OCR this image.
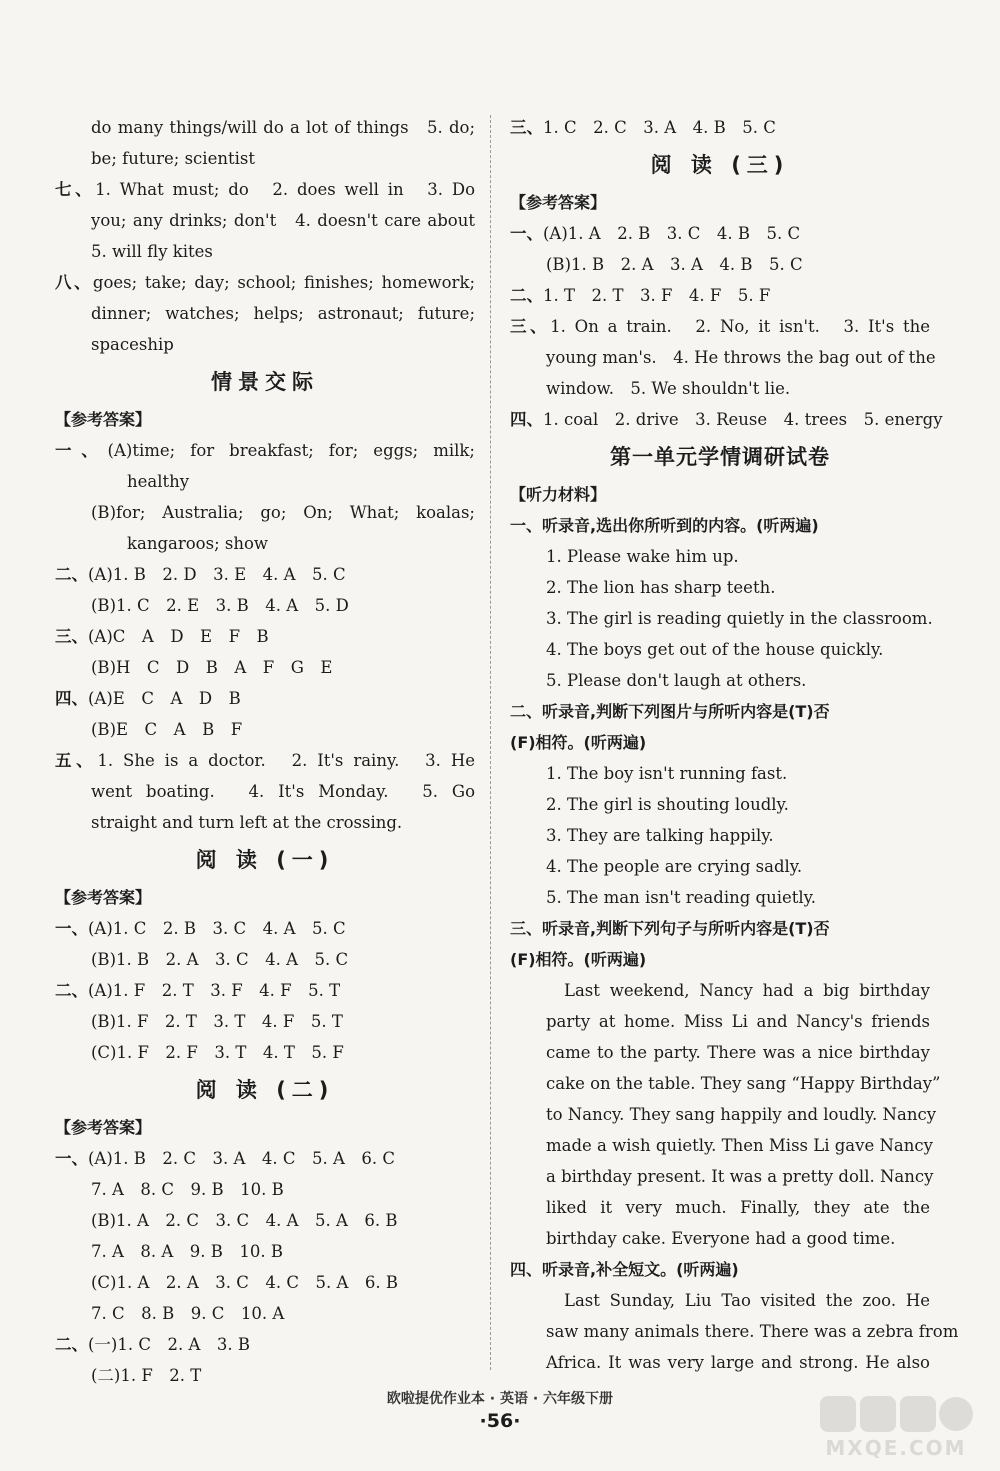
do many things/will do a lot of things　5. do;
be; future; scientist
七、1. What must; do　2. does well in　3. Do
you; any drinks; don't　4. doesn't care about
5. will fly kites
八、goes; take; day; school; finishes; homework;
dinner; watches; helps; astronaut; future;
spaceship
情景交际
【参考答案】
一、(A)time; for breakfast; for; eggs; milk;
healthy
(B)for; Australia; go; On; What; koalas;
kangaroos; show
二、(A)1. B　2. D　3. E　4. A　5. C
(B)1. C　2. E　3. B　4. A　5. D
三、(A)C　A　D　E　F　B
(B)H　C　D　B　A　F　G　E
四、(A)E　C　A　D　B
(B)E　C　A　B　F
五、1. She is a doctor.　2. It's rainy.　3. He
went boating.　4. It's Monday.　5. Go
straight and turn left at the crossing.
阅 读 (一)
【参考答案】
一、(A)1. C　2. B　3. C　4. A　5. C
(B)1. B　2. A　3. C　4. A　5. C
二、(A)1. F　2. T　3. F　4. F　5. T
(B)1. F　2. T　3. T　4. F　5. T
(C)1. F　2. F　3. T　4. T　5. F
阅 读 (二)
【参考答案】
一、(A)1. B　2. C　3. A　4. C　5. A　6. C
7. A　8. C　9. B　10. B
(B)1. A　2. C　3. C　4. A　5. A　6. B
7. A　8. A　9. B　10. B
(C)1. A　2. A　3. C　4. C　5. A　6. B
7. C　8. B　9. C　10. A
二、(一)1. C　2. A　3. B
(二)1. F　2. T
三、1. C　2. C　3. A　4. B　5. C
阅 读 (三)
【参考答案】
一、(A)1. A　2. B　3. C　4. B　5. C
(B)1. B　2. A　3. A　4. B　5. C
二、1. T　2. T　3. F　4. F　5. F
三、1. On a train.　2. No, it isn't.　3. It's the
young man's.　4. He throws the bag out of the
window.　5. We shouldn't lie.
四、1. coal　2. drive　3. Reuse　4. trees　5. energy
第一单元学情调研试卷
【听力材料】
一、听录音,选出你所听到的内容。(听两遍)
1. Please wake him up.
2. The lion has sharp teeth.
3. The girl is reading quietly in the classroom.
4. The boys get out of the house quickly.
5. Please don't laugh at others.
二、听录音,判断下列图片与所听内容是(T)否
(F)相符。(听两遍)
1. The boy isn't running fast.
2. The girl is shouting loudly.
3. They are talking happily.
4. The people are crying sadly.
5. The man isn't reading quietly.
三、听录音,判断下列句子与所听内容是(T)否
(F)相符。(听两遍)
Last weekend, Nancy had a big birthday
party at home. Miss Li and Nancy's friends
came to the party. There was a nice birthday
cake on the table. They sang “Happy Birthday”
to Nancy. They sang happily and loudly. Nancy
made a wish quietly. Then Miss Li gave Nancy
a birthday present. It was a pretty doll. Nancy
liked it very much. Finally, they ate the
birthday cake. Everyone had a good time.
四、听录音,补全短文。(听两遍)
Last Sunday, Liu Tao visited the zoo. He
saw many animals there. There was a zebra from
Africa. It was very large and strong. He also
欧啦提优作业本 · 英语 · 六年级下册
·56·
MXQE.COM
